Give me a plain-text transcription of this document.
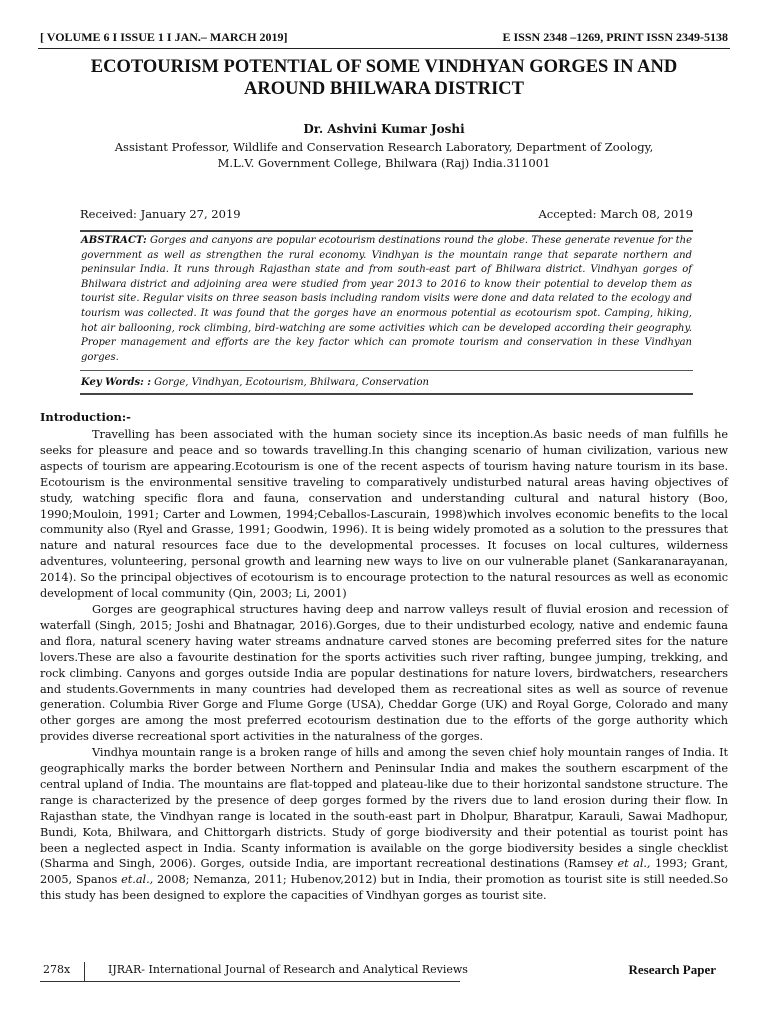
[ VOLUME 6 I ISSUE 1 I JAN.– MARCH 2019]	E ISSN 2348 –1269, PRINT ISSN 2349-5138
ECOTOURISM POTENTIAL OF SOME VINDHYAN GORGES IN AND AROUND BHILWARA DISTRICT
Dr. Ashvini Kumar Joshi
Assistant Professor, Wildlife and Conservation Research Laboratory, Department of Zoology,
M.L.V. Government College, Bhilwara (Raj) India.311001
Received: January 27, 2019	Accepted: March 08, 2019
ABSTRACT: Gorges and canyons are popular ecotourism destinations round the globe. These generate revenue for the government as well as strengthen the rural economy. Vindhyan is the mountain range that separate northern and peninsular India. It runs through Rajasthan state and from south-east part of Bhilwara district. Vindhyan gorges of Bhilwara district and adjoining area were studied from year 2013 to 2016 to know their potential to develop them as tourist site. Regular visits on three season basis including random visits were done and data related to the ecology and tourism was collected. It was found that the gorges have an enormous potential as ecotourism spot. Camping, hiking, hot air ballooning, rock climbing, bird-watching are some activities which can be developed according their geography. Proper management and efforts are the key factor which can promote tourism and conservation in these Vindhyan gorges.
Key Words: : Gorge, Vindhyan, Ecotourism, Bhilwara, Conservation
Introduction:-

Travelling has been associated with the human society since its inception.As basic needs of man fulfills he seeks for pleasure and peace and so towards travelling.In this changing scenario of human civilization, various new aspects of tourism are appearing.Ecotourism is one of the recent aspects of tourism having nature tourism in its base. Ecotourism is the environmental sensitive traveling to comparatively undisturbed natural areas having objectives of study, watching specific flora and fauna, conservation and understanding cultural and natural history (Boo, 1990;Mouloin, 1991; Carter and Lowmen, 1994;Ceballos-Lascurain, 1998)which involves economic benefits to the local community also (Ryel and Grasse, 1991; Goodwin, 1996). It is being widely promoted as a solution to the pressures that nature and natural resources face due to the developmental processes. It focuses on local cultures, wilderness adventures, volunteering, personal growth and learning new ways to live on our vulnerable planet (Sankaranarayanan, 2014). So the principal objectives of ecotourism is to encourage protection to the natural resources as well as economic development of local community (Qin, 2003; Li, 2001)

Gorges are geographical structures having deep and narrow valleys result of fluvial erosion and recession of waterfall (Singh, 2015; Joshi and Bhatnagar, 2016).Gorges, due to their undisturbed ecology, native and endemic fauna and flora, natural scenery having water streams andnature carved stones are becoming preferred sites for the nature lovers.These are also a favourite destination for the sports activities such river rafting, bungee jumping, trekking, and rock climbing. Canyons and gorges outside India are popular destinations for nature lovers, birdwatchers, researchers and students.Governments in many countries had developed them as recreational sites as well as source of revenue generation. Columbia River Gorge and Flume Gorge (USA), Cheddar Gorge (UK) and Royal Gorge, Colorado and many other gorges are among the most preferred ecotourism destination due to the efforts of the gorge authority which provides diverse recreational sport activities in the naturalness of the gorges.

Vindhya mountain range is a broken range of hills and among the seven chief holy mountain ranges of India. It geographically marks the border between Northern and Peninsular India and makes the southern escarpment of the central upland of India. The mountains are flat-topped and plateau-like due to their horizontal sandstone structure. The range is characterized by the presence of deep gorges formed by the rivers due to land erosion during their flow. In Rajasthan state, the Vindhyan range is located in the south-east part in Dholpur, Bharatpur, Karauli, Sawai Madhopur, Bundi, Kota, Bhilwara, and Chittorgarh districts. Study of gorge biodiversity and their potential as tourist point has been a neglected aspect in India. Scanty information is available on the gorge biodiversity besides a single checklist (Sharma and Singh, 2006). Gorges, outside India, are important recreational destinations (Ramsey et al., 1993; Grant, 2005, Spanos et.al., 2008; Nemanza, 2011; Hubenov,2012) but in India, their promotion as tourist site is still needed.So this study has been designed to explore the capacities of Vindhyan gorges as tourist site.

278x	IJRAR- International Journal of Research and Analytical Reviews	Research Paper
